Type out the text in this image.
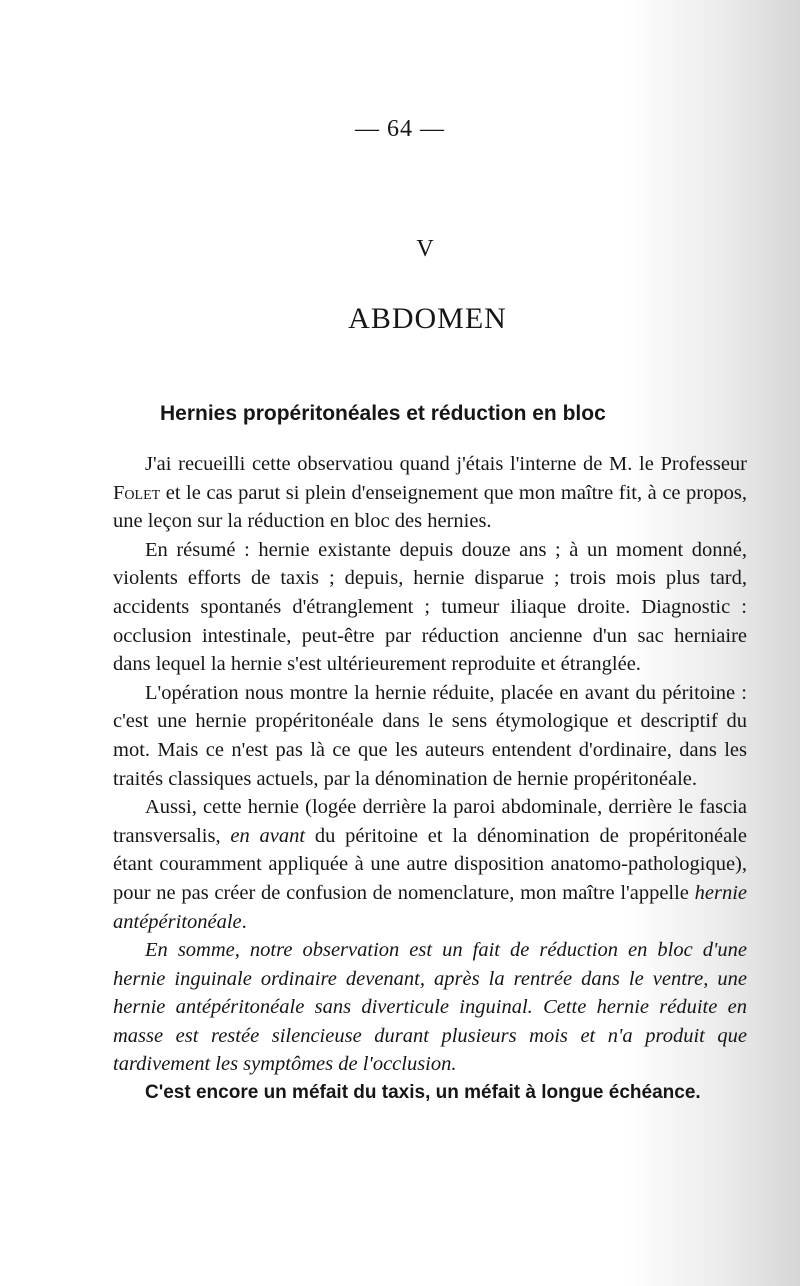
— 64 —
V
ABDOMEN
Hernies propéritonéales et réduction en bloc

J'ai recueilli cette observatiou quand j'étais l'interne de M. le Professeur Folet et le cas parut si plein d'enseignement que mon maître fit, à ce propos, une leçon sur la réduction en bloc des hernies.

En résumé : hernie existante depuis douze ans ; à un moment donné, violents efforts de taxis ; depuis, hernie disparue ; trois mois plus tard, accidents spontanés d'étranglement ; tumeur iliaque droite. Diagnostic : occlusion intestinale, peut-être par réduction ancienne d'un sac herniaire dans lequel la hernie s'est ultérieurement reproduite et étranglée.

L'opération nous montre la hernie réduite, placée en avant du péritoine : c'est une hernie propéritonéale dans le sens étymologique et descriptif du mot. Mais ce n'est pas là ce que les auteurs entendent d'ordinaire, dans les traités classiques actuels, par la dénomination de hernie propéritonéale.

Aussi, cette hernie (logée derrière la paroi abdominale, derrière le fascia transversalis, en avant du péritoine et la dénomination de propéritonéale étant couramment appliquée à une autre disposition anatomo-pathologique), pour ne pas créer de confusion de nomenclature, mon maître l'appelle hernie antépéritonéale.

En somme, notre observation est un fait de réduction en bloc d'une hernie inguinale ordinaire devenant, après la rentrée dans le ventre, une hernie antépéritonéale sans diverticule inguinal. Cette hernie réduite en masse est restée silencieuse durant plusieurs mois et n'a produit que tardivement les symptômes de l'occlusion.

C'est encore un méfait du taxis, un méfait à longue échéance.
